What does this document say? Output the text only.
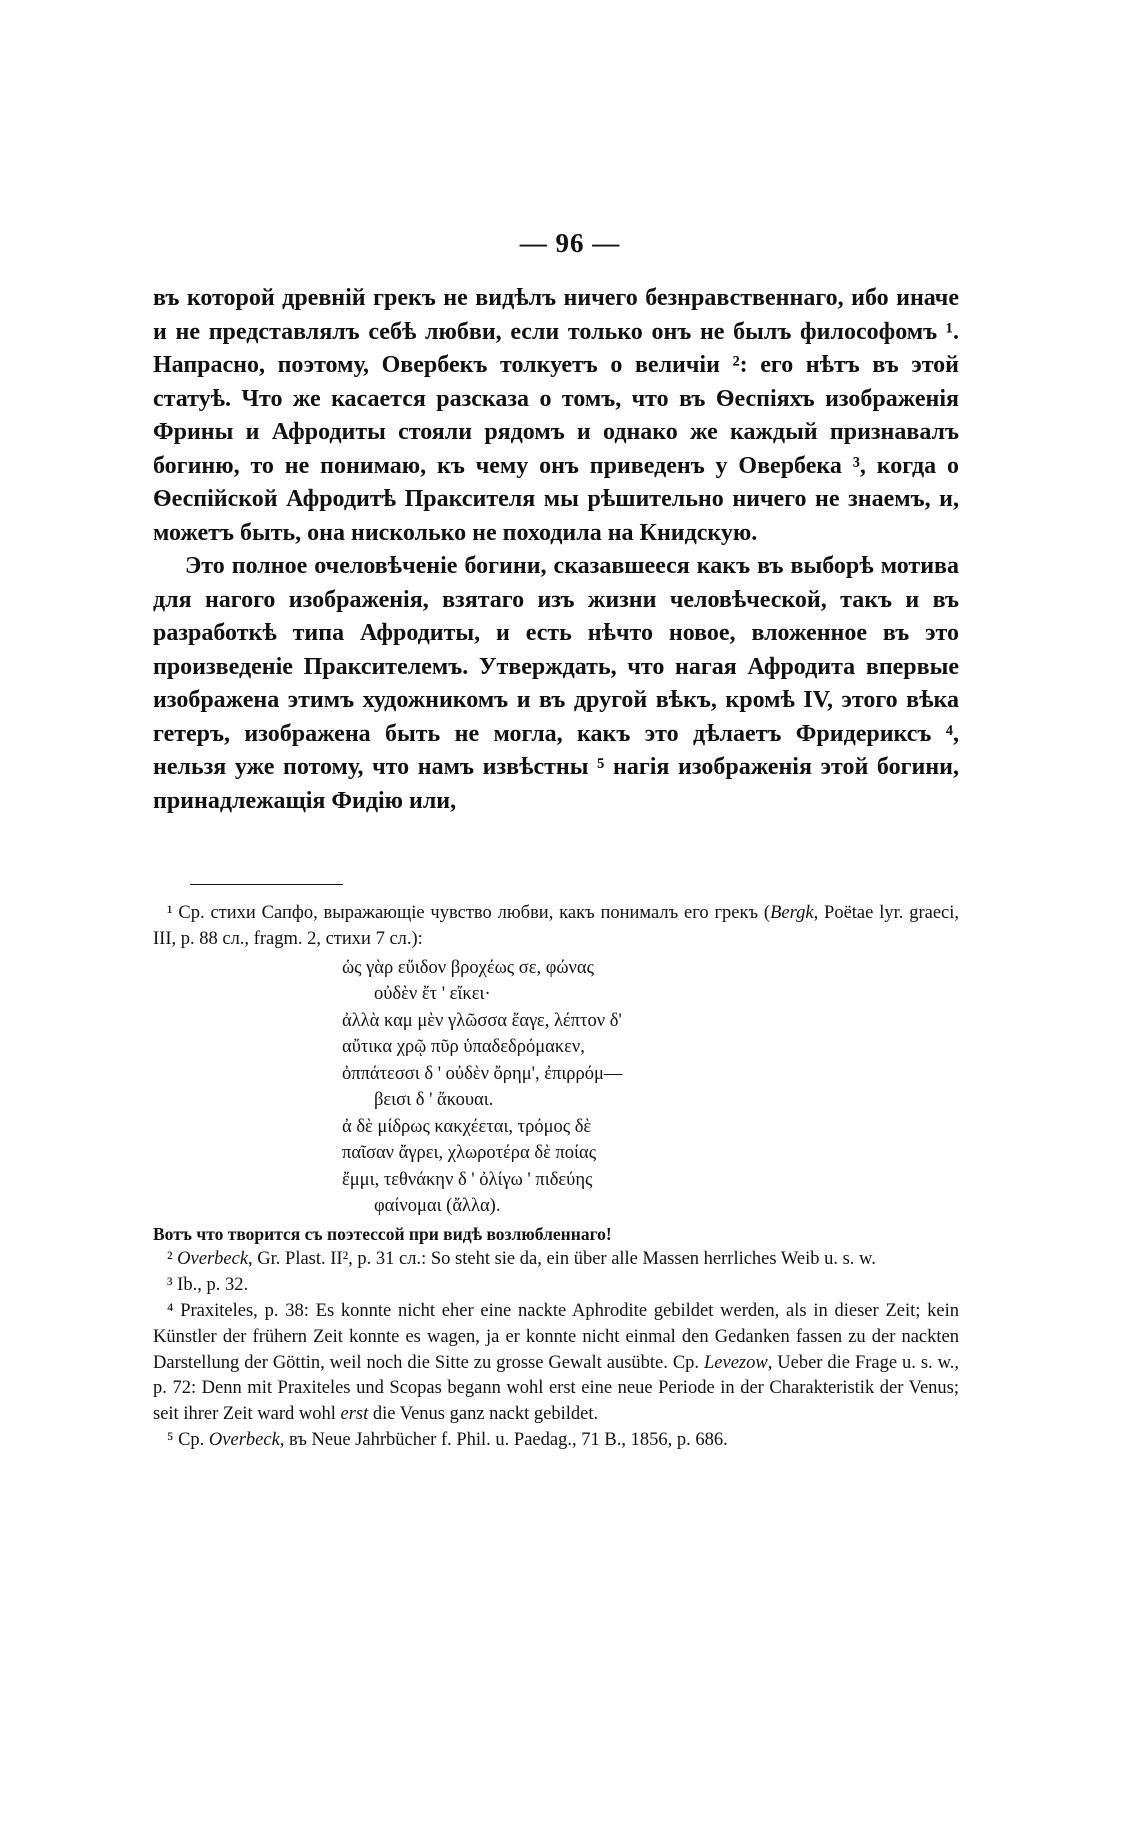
— 96 —

въ которой древній грекъ не видѣлъ ничего безнравственнаго, ибо иначе и не представлялъ себѣ любви, если только онъ не былъ философомъ ¹. Напрасно, поэтому, Овербекъ толкуетъ о величіи ²: его нѣтъ въ этой статуѣ. Что же касается разсказа о томъ, что въ Ѳеспіяхъ изображенія Фрины и Афродиты стояли рядомъ и однако же каждый признавалъ богиню, то не понимаю, къ чему онъ приведенъ у Овербека ³, когда о Ѳеспійской Афродитѣ Праксителя мы рѣшительно ничего не знаемъ, и, можетъ быть, она нисколько не походила на Книдскую.

Это полное очеловѣченіе богини, сказавшееся какъ въ выборѣ мотива для нагого изображенія, взятаго изъ жизни человѣческой, такъ и въ разработкѣ типа Афродиты, и есть нѣчто новое, вложенное въ это произведеніе Праксителемъ. Утверждать, что нагая Афродита впервые изображена этимъ художникомъ и въ другой вѣкъ, кромѣ IV, этого вѣка гетеръ, изображена быть не могла, какъ это дѣлаетъ Фридериксъ ⁴, нельзя уже потому, что намъ извѣстны ⁵ нагія изображенія этой богини, принадлежащія Фидію или,

¹ Ср. стихи Сапфо, выражающіе чувство любви, какъ понималъ его грекъ (Bergk, Poëtae lyr. graeci, III, p. 88 сл., fragm. 2, стихи 7 сл.):

ὡς γὰρ εὔιδον βροχέως σε, φώνας
οὐδὲν ἔτ ' εἴκει·
ἀλλὰ καμ μὲν γλῶσσα ἔαγε, λέπτον δ'
αὔτικα χρῷ πῦρ ὑπαδεδρόμακεν,
ὀππάτεσσι δ ' οὐδὲν ὄρημ', ἐπιρρόμ—
βεισι δ ' ἄκουαι.
ἀ δὲ μίδρως κακχέεται, τρόμος δὲ
παῖσαν ἄγρει, χλωροτέρα δὲ ποίας
ἔμμι, τεθνάκην δ ' ὀλίγω ' πιδεύης
φαίνομαι (ἄλλα).

Вотъ что творится съ поэтессой при видѣ возлюбленнаго!

² Overbeck, Gr. Plast. II², p. 31 сл.: So steht sie da, ein über alle Massen herrliches Weib u. s. w.

³ Ib., p. 32.

⁴ Praxiteles, p. 38: Es konnte nicht eher eine nackte Aphrodite gebildet werden, als in dieser Zeit; kein Künstler der frühern Zeit konnte es wagen, ja er konnte nicht einmal den Gedanken fassen zu der nackten Darstellung der Göttin, weil noch die Sitte zu grosse Gewalt ausübte. Ср. Levezow, Ueber die Frage u. s. w., p. 72: Denn mit Praxiteles und Scopas begann wohl erst eine neue Periode in der Charakteristik der Venus; seit ihrer Zeit ward wohl erst die Venus ganz nackt gebildet.

⁵ Ср. Overbeck, въ Neue Jahrbücher f. Phil. u. Paedag., 71 B., 1856, p. 686.
